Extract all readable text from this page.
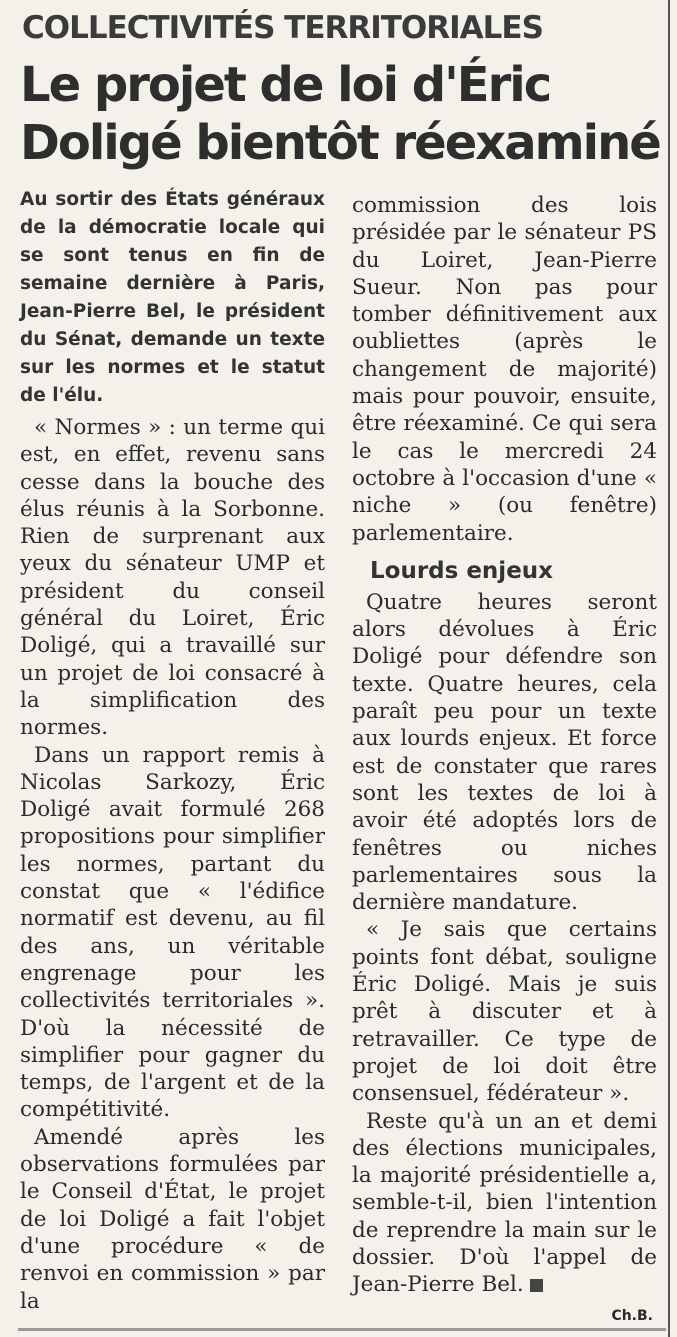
COLLECTIVITÉS TERRITORIALES
Le projet de loi d'Éric Doligé bientôt réexaminé

Au sortir des États généraux de la démocratie locale qui se sont tenus en fin de semaine dernière à Paris, Jean-Pierre Bel, le président du Sénat, demande un texte sur les normes et le statut de l'élu.

« Normes » : un terme qui est, en effet, revenu sans cesse dans la bouche des élus réunis à la Sorbonne. Rien de surprenant aux yeux du sénateur UMP et président du conseil général du Loiret, Éric Doligé, qui a travaillé sur un projet de loi consacré à la simplification des normes.

Dans un rapport remis à Nicolas Sarkozy, Éric Doligé avait formulé 268 propositions pour simplifier les normes, partant du constat que « l'édifice normatif est devenu, au fil des ans, un véritable engrenage pour les collectivités territoriales ». D'où la nécessité de simplifier pour gagner du temps, de l'argent et de la compétitivité.

Amendé après les observations formulées par le Conseil d'État, le projet de loi Doligé a fait l'objet d'une procédure « de renvoi en commission » par la

commission des lois présidée par le sénateur PS du Loiret, Jean-Pierre Sueur. Non pas pour tomber définitivement aux oubliettes (après le changement de majorité) mais pour pouvoir, ensuite, être réexaminé. Ce qui sera le cas le mercredi 24 octobre à l'occasion d'une « niche » (ou fenêtre) parlementaire.

Lourds enjeux

Quatre heures seront alors dévolues à Éric Doligé pour défendre son texte. Quatre heures, cela paraît peu pour un texte aux lourds enjeux. Et force est de constater que rares sont les textes de loi à avoir été adoptés lors de fenêtres ou niches parlementaires sous la dernière mandature.

« Je sais que certains points font débat, souligne Éric Doligé. Mais je suis prêt à discuter et à retravailler. Ce type de projet de loi doit être consensuel, fédérateur ».

Reste qu'à un an et demi des élections municipales, la majorité présidentielle a, semble-t-il, bien l'intention de reprendre la main sur le dossier. D'où l'appel de Jean-Pierre Bel.

Ch.B.
